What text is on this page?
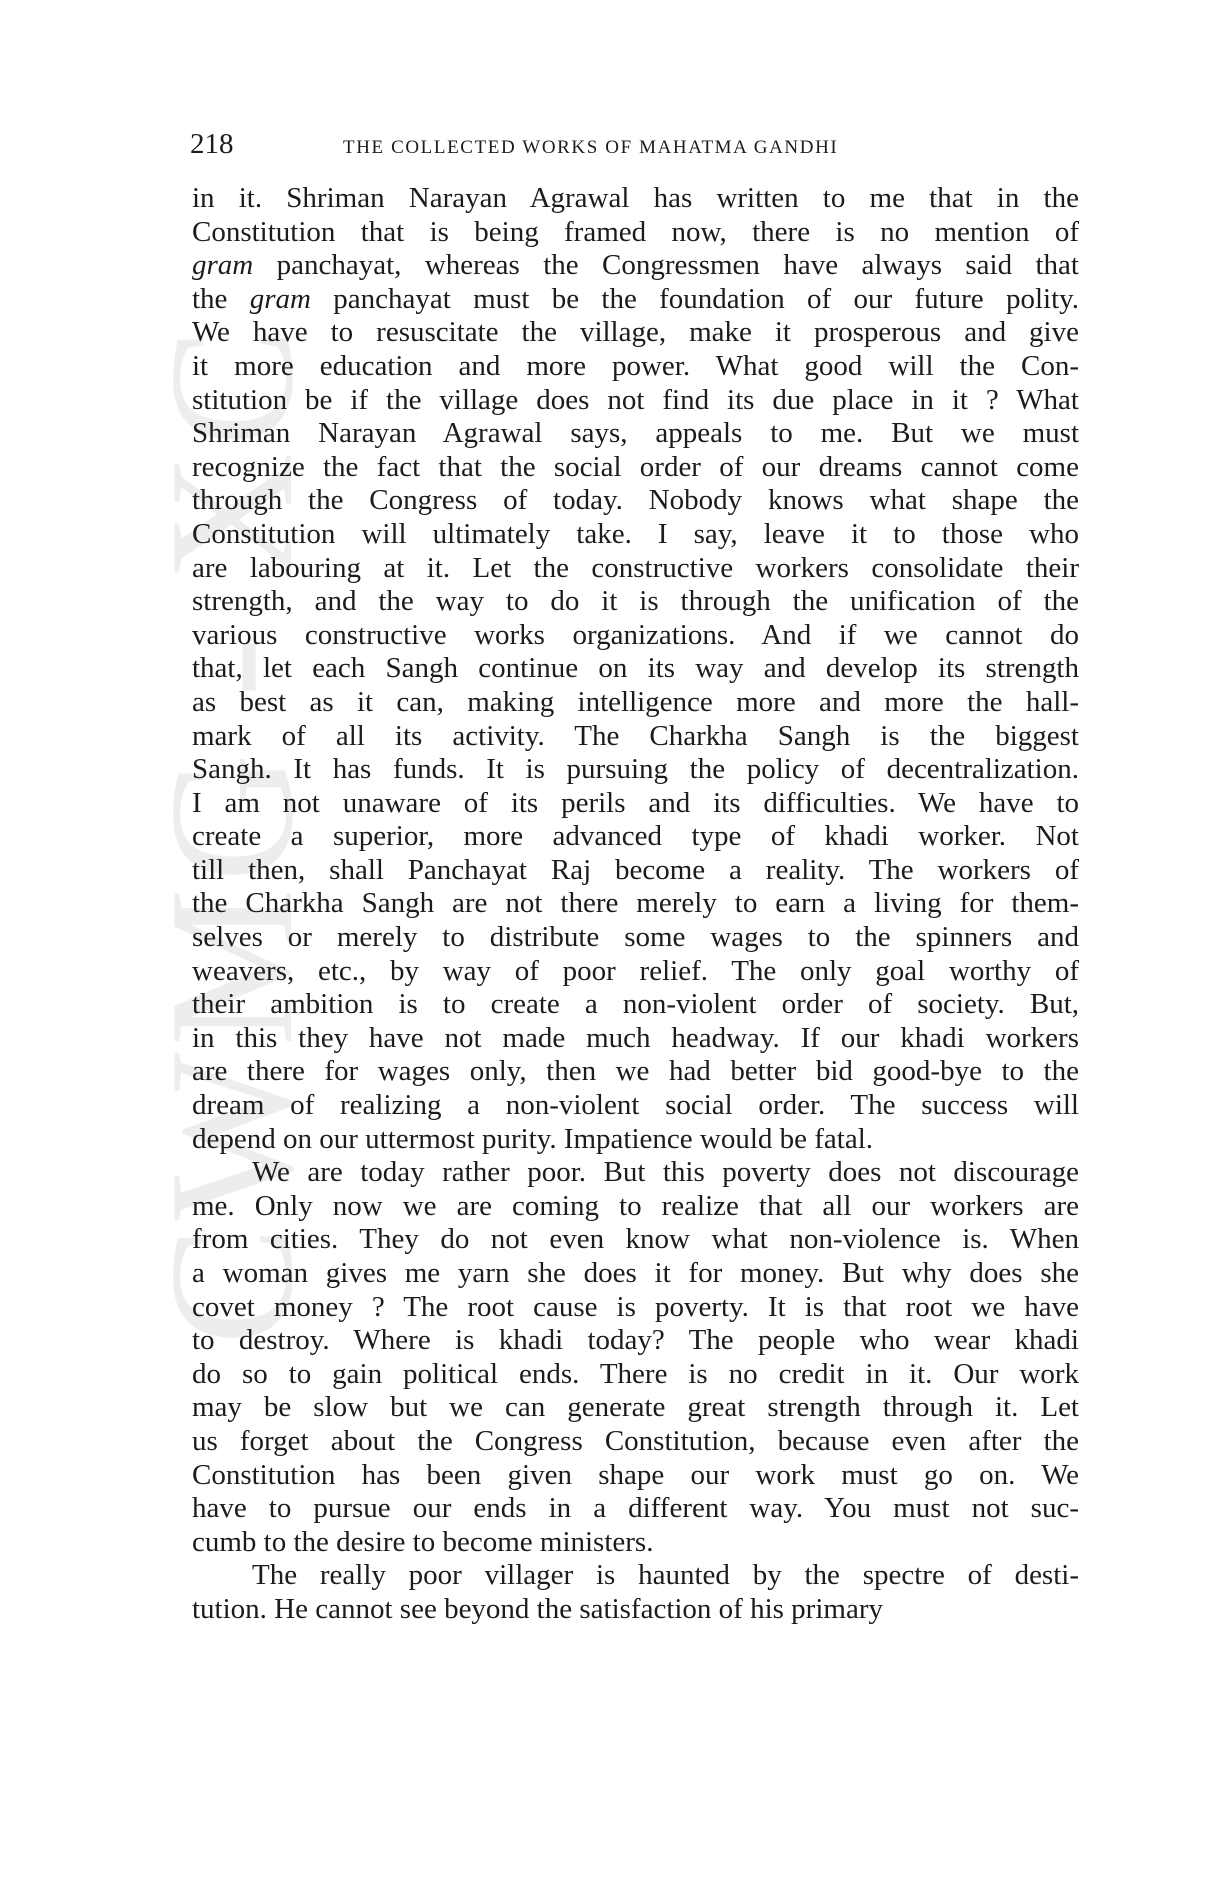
CWMG - XC
218	THE COLLECTED WORKS OF MAHATMA GANDHI
in it. Shriman Narayan Agrawal has written to me that in the
Constitution that is being framed now, there is no mention of
gram panchayat, whereas the Congressmen have always said that
the gram panchayat must be the foundation of our future polity.
We have to resuscitate the village, make it prosperous and give
it more education and more power. What good will the Con-
stitution be if the village does not find its due place in it ? What
Shriman Narayan Agrawal says, appeals to me. But we must
recognize the fact that the social order of our dreams cannot come
through the Congress of today. Nobody knows what shape the
Constitution will ultimately take. I say, leave it to those who
are labouring at it. Let the constructive workers consolidate their
strength, and the way to do it is through the unification of the
various constructive works organizations. And if we cannot do
that, let each Sangh continue on its way and develop its strength
as best as it can, making intelligence more and more the hall-
mark of all its activity. The Charkha Sangh is the biggest
Sangh. It has funds. It is pursuing the policy of decentralization.
I am not unaware of its perils and its difficulties. We have to
create a superior, more advanced type of khadi worker. Not
till then, shall Panchayat Raj become a reality. The workers of
the Charkha Sangh are not there merely to earn a living for them-
selves or merely to distribute some wages to the spinners and
weavers, etc., by way of poor relief. The only goal worthy of
their ambition is to create a non-violent order of society. But,
in this they have not made much headway. If our khadi workers
are there for wages only, then we had better bid good-bye to the
dream of realizing a non-violent social order. The success will
depend on our uttermost purity. Impatience would be fatal.
We are today rather poor. But this poverty does not discourage
me. Only now we are coming to realize that all our workers are
from cities. They do not even know what non-violence is. When
a woman gives me yarn she does it for money. But why does she
covet money ? The root cause is poverty. It is that root we have
to destroy. Where is khadi today? The people who wear khadi
do so to gain political ends. There is no credit in it. Our work
may be slow but we can generate great strength through it. Let
us forget about the Congress Constitution, because even after the
Constitution has been given shape our work must go on. We
have to pursue our ends in a different way. You must not suc-
cumb to the desire to become ministers.
The really poor villager is haunted by the spectre of desti-
tution. He cannot see beyond the satisfaction of his primary
